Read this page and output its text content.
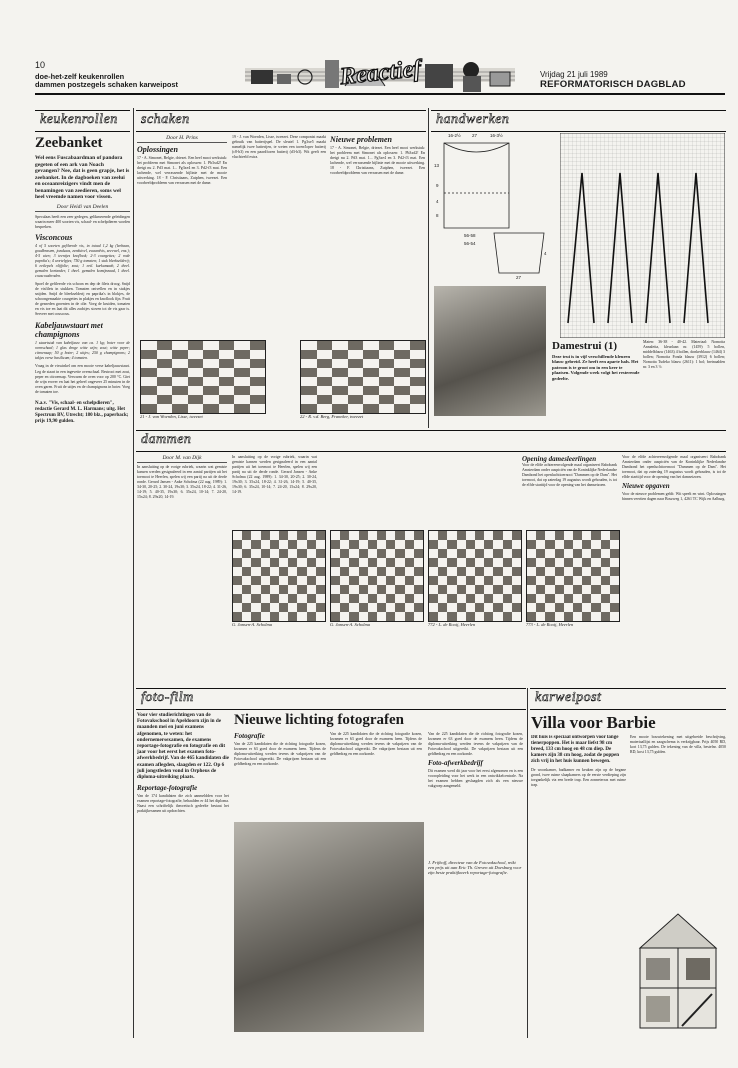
10
doe-het-zelf keukenrollen
dammen postzegels schaken karweipost	Reactief	Vrijdag 21 juli 1989
REFORMATORISCH DAGBLAD
keukenrollen
Zeebanket
Wel eens Fuscabaardman of pandora gegeten of een ark van Noach gevangen? Nee, dat is geen grapje, het is zeebanket. In de dagboeken van zeelui en oceaanreizigers vindt men de benamingen van zeedieren, soms wel heel vreemde namen voor vissen.
Door Heidi van Deelen
Speculaas heeft een zeer gedegen, gelikmerende geleidingen waarin meer 400 soorten vis, schaal- en schelpdieren worden bespreken.
Visconcous
4 of 5 soorten gefileerde vis, in totaal 1,2 kg (leebaan, goudbrasem, jozukaas, zeeduivel, zwaardvis, zeevwel, enz.); 4-5 uien; 3 teentjes knoflook; 2-3 courgettes; 2 rode paprika's; 4 wortelpjes; 750 g tomaten; 1 stuk bleekselderij; 6 eetlepels olijfolie; zout; 1 eetl. kurkumaab, 2 theel. gemalen koriander, 1 theel. gemalen komijnzaad, 1 theel. couscousbroden.
Spoel de gefileerde vis schoon en dep de filets droog. Snijd de visfilets in stukken. Tomaten ontvellen en in stukjes snijden. Snijd de bleekselderij en paprika's in blokjes, de schoongemaakte courgettes in plakjes en knoflook fijn. Fruit de gesneden groenten in de olie. Voeg de kruiden, tomaten en vis toe en laat dit alles zachtjes stoven tot de vis gaar is. Serveer met couscous.
Kabeljauwstaart met champignons
1 staartstuk van kabeljauw van ca. 1 kg; boter voor de ovenschaal; 1 glas droge witte wijn; zout; witte peper; citroensap; 50 g boter; 2 uitjes; 250 g champignons; 2 takjes verse basilicum; 4 tomaten.
Vraag in de viswinkel om een mooie verse kabeljauwstaart. Leg de staart in een ingevette ovenschaal. Bestrooi met zout, peper en citroensap. Verwarm de oven voor op 200 °C. Giet de wijn erover en laat het geheel ongeveer 25 minuten in de oven garen. Fruit de uitjes en de champignons in boter. Voeg de tomaten toe.
N.a.v. "Vis, schaal- en schelpdieren", redactie Gerard M. L. Harmans; uitg. Het Spectrum BV, Utrecht; 180 blz., paperback; prijs 19,90 gulden.
schaken
Door H. Prins
Oplossingen
17 - A. Simonet, Belgie, driezet. Een heel mooi werkstuk: het probleem met Simonet als oplossen: 1. Pb3xd2! En dreigt nu 2. Pd3 mat. 1... Pg3xe4 en 3. Pd2-f3 mat. Een lachende, wel verrassende bijlinie met de mooie uitwerking. 18 - F. Christiaans, Zutphen, tweezet. Een voorbeeldprobleem van verrassen met de dame.
19 - J. van Woerden, Lisse, tweezet. Deze componist maakt gebruik van batterijspel. De sleutel 1. Pg3xe5 maakt namelijk twee batterijen, te weten een toren/loper batterij (c8-h3) en een paard/toren batterij (d3-h3). Wit geeft een vluchtveld extra.
Nieuwe problemen
17 - A. Simonet, Belgie, driezet. Een heel mooi werkstuk: het probleem met Simonet als oplossen: 1. Pb3xd2! En dreigt nu 2. Pd3 mat. 1... Pg3xe4 en 3. Pd2-f3 mat. Een lachende, wel verrassende bijlinie met de mooie uitwerking. 18 - F. Christiaans, Zutphen, tweezet. Een voorbeeldprobleem van verrassen met de dame.
21 - J. van Woerden, Lisse, tweezet	22 - R. v.d. Berg, Franeker, tweezet
handwerken
16-2½ 27	16-3½
13
9
4
8
56-58
56-54
27
4
Damestrui (1)
Deze trui is in vijf verschillende kleuren blauw gebreid. Ze heeft een aparte hals. Het patroon is te groot om in een keer te plaatsen. Volgende week volgt het resterende gedeelte.
Maten: 36-38 - 40-42. Materiaal: Nomotta Annaletta, kleurlaan nr. (1459) 5 bollen, middelblauw (1463) 4 bollen, donkerblauw (1464) 3 bollen; Nomotta Fonda blauw (3912) 6 bollen; Nomotta Tudeko blauw (2611): 1 bol; breinaalden nr. 3 en 3 ½.
dammen
Door M. van Dijk
In aansluiting op de vorige rubriek, waarin wat gemiste kansen werden gesignaleerd in een aantal partijen uit het toernooi te Heerlen, spelen wij een partij na uit de derde ronde. Gerard Jansen - Anke Scholma (22 aug. 1989): 1. 34-30, 20-25; 2. 30-24, 19x30; 3. 35x24, 18-22; 4. 31-26, 14-19; 5. 40-35, 19x30; 6. 35x24, 10-14; 7. 24-20, 15x24; 8. 29x20, 14-19.
In aansluiting op de vorige rubriek, waarin wat gemiste kansen werden gesignaleerd in een aantal partijen uit het toernooi te Heerlen, spelen wij een partij na uit de derde ronde. Gerard Jansen - Anke Scholma (22 aug. 1989): 1. 34-30, 20-25; 2. 30-24, 19x30; 3. 35x24, 18-22; 4. 31-26, 14-19; 5. 40-35, 19x30; 6. 35x24, 10-14; 7. 24-20, 15x24; 8. 29x20, 14-19.
Opening damesleerlingen
Voor de elfde achtereenvolgende maal organiseert Rabobank Amsterdam onder auspiciën van de Koninklijke Nederlandse Dambond het openluchttoernooi "Dammen op de Dam". Het toernooi, dat op zaterdag 19 augustus wordt gehouden, is tot de elfde starttijd voor de opening van het damseizoen.
Voor de elfde achtereenvolgende maal organiseert Rabobank Amsterdam onder auspiciën van de Koninklijke Nederlandse Dambond het openluchttoernooi "Dammen op de Dam". Het toernooi, dat op zaterdag 19 augustus wordt gehouden, is tot de elfde starttijd voor de opening van het damseizoen.
Nieuwe opgaven
Voor de nieuwe problemen geldt: Wit speelt en wint. Oplossingen binnen veertien dagen naar Boszweg 1, 4261 TC Wijk en Aalburg.
G. Jansen-A. Scholma	G. Jansen-A. Scholma	772 - L. de Rooij, Heerlen	773 - L. de Rooij, Heerlen
foto-film
Voor vier studierichtingen van de Fotovakschool in Apeldoorn zijn in de maanden mei en juni examens afgenomen, te weten: het ondernemersexamen, de examens reportage-fotografie en fotografie en dit jaar voor het eerst het examen foto-afwerkbedrijf. Van de 465 kandidaten die examen aflegden, slaagden er 122. Op 6 juli jongstleden vond in Orpheus de diploma-uitreiking plaats.
Reportage-fotografie
Van de 174 kandidaten die zich aanmeldden voor het examen reportage-fotografie, behaalden er 44 het diploma. Naast een schriftelijk theoretisch gedeelte bestaat het praktijkexamen uit opdrachten.
Nieuwe lichting fotografen
Fotografie
Van de 225 kandidaten die de richting fotografie kozen, kwamen er 63 goed door de examens heen. Tijdens de diploma-uitreiking werden tevens de vakprijzen van de Fotovakschool uitgereikt. De vakprijzen bestaan uit een geldbedrag en een oorkonde.
Van de 225 kandidaten die de richting fotografie kozen, kwamen er 63 goed door de examens heen. Tijdens de diploma-uitreiking werden tevens de vakprijzen van de Fotovakschool uitgereikt. De vakprijzen bestaan uit een geldbedrag en een oorkonde.
Van de 225 kandidaten die de richting fotografie kozen, kwamen er 63 goed door de examens heen. Tijdens de diploma-uitreiking werden tevens de vakprijzen van de Fotovakschool uitgereikt. De vakprijzen bestaan uit een geldbedrag en een oorkonde.
Foto-afwerkbedrijf
Dit examen werd dit jaar voor het eerst afgenomen en is een vooropleiding voor het werk in een ontwikkelcentrale. Na het examen hebben geslaagden zich als een nieuwe vakgroep aangemeld.
J. Frijhoff, directeur van de Fotovakschool, reikt een prijs uit aan Eric Th. Greven uit Doesburg voor zijn beste praktijkwerk reportage-fotografie.
karweipost
Villa voor Barbie
Dit huis is speciaal ontworpen voor lange tienerpoppen. Het is maar liefst 98 cm breed, 133 cm hoog en 48 cm diep. De kamers zijn 38 cm hoog, zodat de poppen zich vrij in het huis kunnen bewegen.
De woonkamer, badkamer en keuken zijn op de begane grond, twee ruime slaapkamers op de eerste verdieping zijn toegankelijk via een brede trap. Een zonneterras met ruime trap.
Een mooie bouwtekening met uitgebreide beschrijving, materiaallijst en zaagschema is verkrijgbaar. Prijs 4050 RD, kort 13,75 gulden. De tekening van de villa, bestelnr. 4050 RD, kost 13,75 gulden.
